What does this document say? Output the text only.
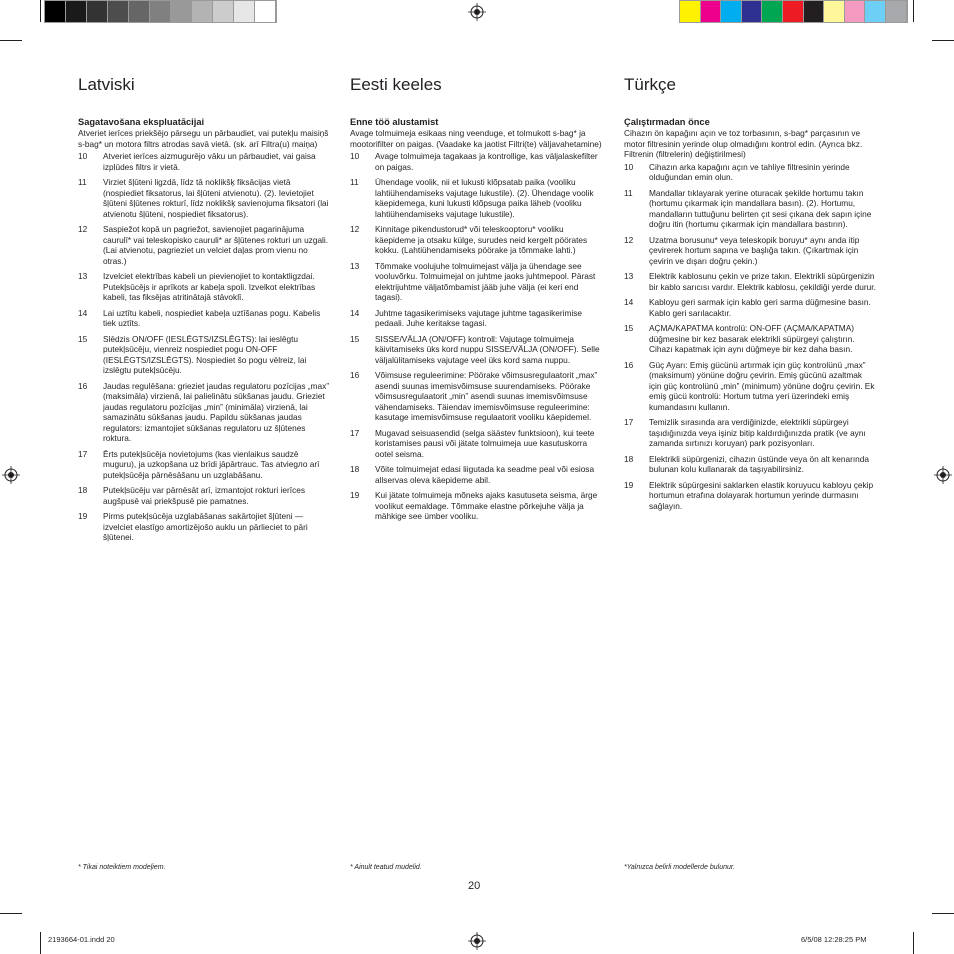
Latviski
Sagatavošana ekspluatācijai

Atveriet ierīces priekšējo pārsegu un pārbaudiet, vai putekļu maisiņš s-bag* un motora filtrs atrodas savā vietā. (sk. arī Filtra(u) maiņa)

10	Atveriet ierīces aizmugurējo vāku un pārbaudiet, vai gaisa izplūdes filtrs ir vietā.
11	Virziet šļūteni ligzdā, līdz tā noklikšķ fiksācijas vietā (nospiediet fiksatorus, lai šļūteni atvienotu). (2). Ievietojiet šļūteni šļūtenes rokturī, līdz noklikšķ savienojuma fiksatori (lai atvienotu šļūteni, nospiediet fiksatorus).
12	Saspiežot kopā un pagriežot, savienojiet pagarinājuma caurulī* vai teleskopisko cauruli* ar šļūtenes rokturi un uzgali. (Lai atvienotu, pagrieziet un velciet daļas prom vienu no otras.)
13	Izvelciet elektrības kabeli un pievienojiet to kontaktligzdai. Putekļsūcējs ir aprīkots ar kabeļa spoli. Izvelkot elektrības kabeli, tas fiksējas atritinātajā stāvoklī.
14	Lai uztītu kabeli, nospiediet kabeļa uztīšanas pogu. Kabelis tiek uztīts.
15	Slēdzis ON/OFF (IESLĒGTS/IZSLĒGTS): lai ieslēgtu putekļsūcēju, vienreiz nospiediet pogu ON-OFF (IESLĒGTS/IZSLĒGTS). Nospiediet šo pogu vēlreiz, lai izslēgtu putekļsūcēju.
16	Jaudas regulēšana: grieziet jaudas regulatoru pozīcijas „max” (maksimāla) virzienā, lai palielinātu sūkšanas jaudu. Grieziet jaudas regulatoru pozīcijas „min” (minimāla) virzienā, lai samazinātu sūkšanas jaudu. Papildu sūkšanas jaudas regulators: izmantojiet sūkšanas regulatoru uz šļūtenes roktura.
17	Ērts putekļsūcēja novietojums (kas vienlaikus saudzē muguru), ja uzkopšana uz brīdi jāpārtrauc. Tas atviegло arī putekļsūcēja pārnēsāšanu un uzglabāšanu.
18	Putekļsūcēju var pārnēsāt arī, izmantojot rokturi ierīces augšpusē vai priekšpusē pie pamatnes.
19	Pirms putekļsūcēja uzglabāšanas sakārtojiet šļūteni — izvelciet elastīgo amortizējošo auklu un pārlieciet to pāri šļūtenei.
Eesti keeles
Enne töö alustamist

Avage tolmuimeja esikaas ning veenduge, et tolmukott s-bag* ja mootorifilter on paigas. (Vaadake ka jaotist Filtri(te) väljavahetamine)

10	Avage tolmuimeja tagakaas ja kontrollige, kas väljalaskefilter on paigas.
11	Ühendage voolik, nii et lukusti klõpsatab paika (vooliku lahtiühendamiseks vajutage lukustile). (2). Ühendage voolik käepidemega, kuni lukusti klõpsuga paika läheb (vooliku lahtiühendamiseks vajutage lukustile).
12	Kinnitage pikendustorud* või teleskooptoru* vooliku käepideme ja otsaku külge, surudes neid kergelt pöörates kokku. (Lahtiühendamiseks pöörake ja tõmmake lahti.)
13	Tõmmake voolujuhe tolmuimejast välja ja ühendage see vooluvõrku. Tolmuimejal on juhtme jaoks juhtmepool. Pärast elektrijuhtme väljatõmbamist jääb juhe välja (ei keri end tagasi).
14	Juhtme tagasikerimiseks vajutage juhtme tagasikerimise pedaali. Juhe keritakse tagasi.
15	SISSE/VÄLJA (ON/OFF) kontroll: Vajutage tolmuimeja käivitamiseks üks kord nuppu SISSE/VÄLJA (ON/OFF). Selle väljalülitamiseks vajutage veel üks kord sama nuppu.
16	Võimsuse reguleerimine: Pöörake võimsusregulaatorit „max” asendi suunas imemisvõimsuse suurendamiseks. Pöörake võimsusregulaatorit „min” asendi suunas imemisvõimsuse vähendamiseks. Täiendav imemisvõimsuse reguleerimine: kasutage imemisvõimsuse regulaatorit vooliku käepidemel.
17	Mugavad seisuasendid (selga säästev funktsioon), kui teete koristamises pausi või jätate tolmuimeja uue kasutuskorra ootel seisma.
18	Võite tolmuimejat edasi liigutada ka seadme peal või esiosa allservas oleva käepideme abil.
19	Kui jätate tolmuimeja mõneks ajaks kasutuseta seisma, ärge voolikut eemaldage. Tõmmake elastne põrkejuhe välja ja mähkige see ümber vooliku.
Türkçe
Çalıştırmadan önce

Cihazın ön kapağını açın ve toz torbasının, s-bag* parçasının ve motor filtresinin yerinde olup olmadığını kontrol edin. (Ayrıca bkz. Filtrenin (filtrelerin) değiştirilmesi)

10	Cihazın arka kapağını açın ve tahliye filtresinin yerinde olduğundan emin olun.
11	Mandallar tıklayarak yerine oturacak şekilde hortumu takın (hortumu çıkarmak için mandallara basın). (2). Hortumu, mandalların tuttuğunu belirten çıt sesi çıkana dek sapın içine doğru itin (hortumu çıkarmak için mandallara bastırın).
12	Uzatma borusunu* veya teleskopik boruyu* aynı anda itip çevirerek hortum sapına ve başlığa takın. (Çıkartmak için çevirin ve dışarı doğru çekin.)
13	Elektrik kablosunu çekin ve prize takın. Elektrikli süpürgenizin bir kablo sarıcısı vardır. Elektrik kablosu, çekildiği yerde durur.
14	Kabloyu geri sarmak için kablo geri sarma düğmesine basın. Kablo geri sarılacaktır.
15	AÇMA/KAPATMA kontrolü: ON-OFF (AÇMA/KAPATMA) düğmesine bir kez basarak elektrikli süpürgeyi çalıştırın. Cihazı kapatmak için aynı düğmeye bir kez daha basın.
16	Güç Ayarı: Emiş gücünü artırmak için güç kontrolünü „max” (maksimum) yönüne doğru çevirin. Emiş gücünü azaltmak için güç kontrolünü „min” (minimum) yönüne doğru çevirin. Ek emiş gücü kontrolü: Hortum tutma yeri üzerindeki emiş kumandasını kullanın.
17	Temizlik sırasında ara verdiğinizde, elektrikli süpürgeyi taşıdığınızda veya işiniz bitip kaldırdığınızda pratik (ve aynı zamanda sırtınızı koruyan) park pozisyonları.
18	Elektrikli süpürgenizi, cihazın üstünde veya ön alt kenarında bulunan kolu kullanarak da taşıyabilirsiniz.
19	Elektrik süpürgesini saklarken elastik koruyucu kabloyu çekip hortumun etrafına dolayarak hortumun yerinde durmasını sağlayın.
* Tikai noteiktiem modeļiem.	* Ainult teatud mudelid.	*Yalnızca belirli modellerde bulunur.
20
2193664-01.indd 20	6/5/08 12:28:25 PM
